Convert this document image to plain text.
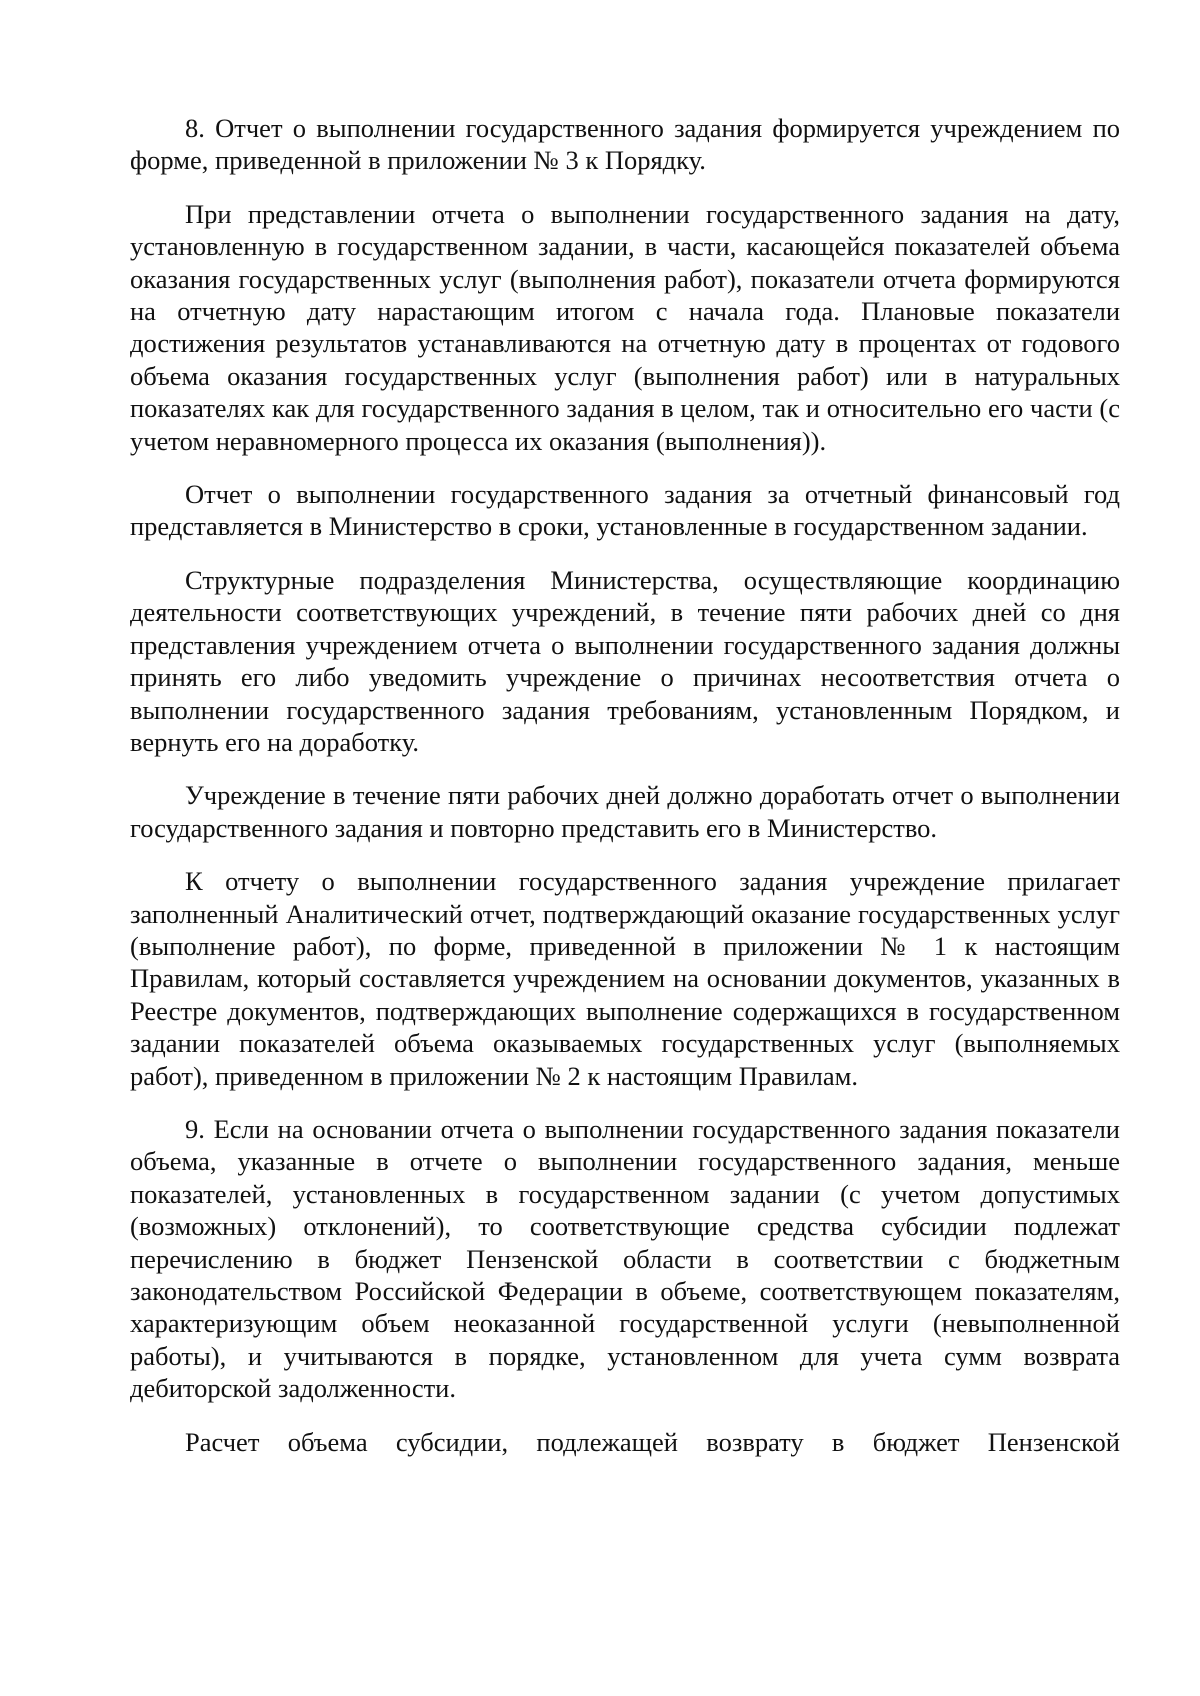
8. Отчет о выполнении государственного задания формируется учреждением по форме, приведенной в приложении № 3 к Порядку.

При представлении отчета о выполнении государственного задания на дату, установленную в государственном задании, в части, касающейся показателей объема оказания государственных услуг (выполнения работ), показатели отчета формируются на отчетную дату нарастающим итогом с начала года. Плановые показатели достижения результатов устанавливаются на отчетную дату в процентах от годового объема оказания государственных услуг (выполнения работ) или в натуральных показателях как для государственного задания в целом, так и относительно его части (с учетом неравномерного процесса их оказания (выполнения)).

Отчет о выполнении государственного задания за отчетный финансовый год представляется в Министерство в сроки, установленные в государственном задании.

Структурные подразделения Министерства, осуществляющие координацию деятельности соответствующих учреждений, в течение пяти рабочих дней со дня представления учреждением отчета о выполнении государственного задания должны принять его либо уведомить учреждение о причинах несоответствия отчета о выполнении государственного задания требованиям, установленным Порядком, и вернуть его на доработку.

Учреждение в течение пяти рабочих дней должно доработать отчет о выполнении государственного задания и повторно представить его в Министерство.

К отчету о выполнении государственного задания учреждение прилагает заполненный Аналитический отчет, подтверждающий оказание государственных услуг (выполнение работ), по форме, приведенной в приложении № 1 к настоящим Правилам, который составляется учреждением на основании документов, указанных в Реестре документов, подтверждающих выполнение содержащихся в государственном задании показателей объема оказываемых государственных услуг (выполняемых работ), приведенном в приложении № 2 к настоящим Правилам.

9. Если на основании отчета о выполнении государственного задания показатели объема, указанные в отчете о выполнении государственного задания, меньше показателей, установленных в государственном задании (с учетом допустимых (возможных) отклонений), то соответствующие средства субсидии подлежат перечислению в бюджет Пензенской области в соответствии с бюджетным законодательством Российской Федерации в объеме, соответствующем показателям, характеризующим объем неоказанной государственной услуги (невыполненной работы), и учитываются в порядке, установленном для учета сумм возврата дебиторской задолженности.

Расчет объема субсидии, подлежащей возврату в бюджет Пензенской
